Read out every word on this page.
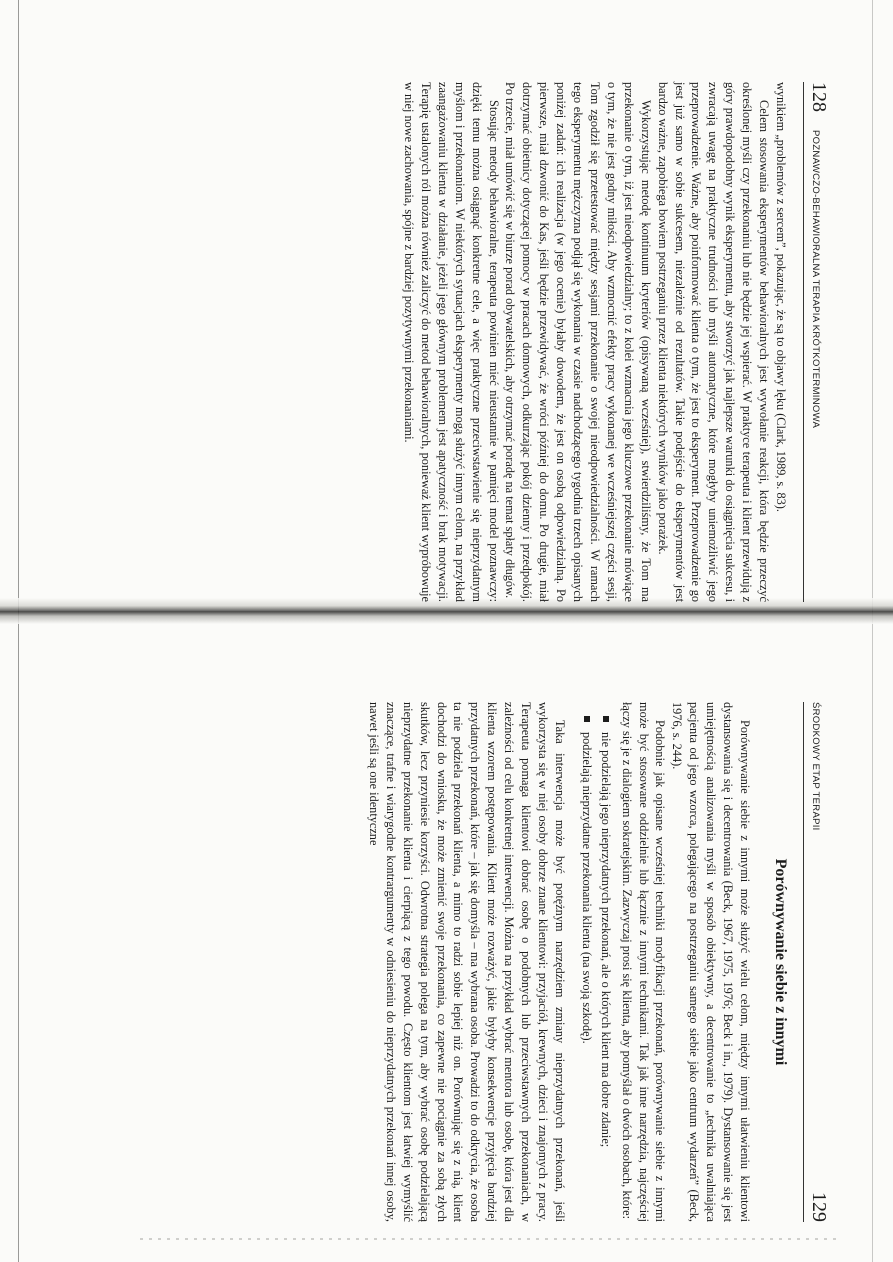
128
POZNAWCZO-BEHAWIORALNA TERAPIA KRÓTKOTERMINOWA

wynikiem „problemów z sercem”, pokazując, że są to objawy lęku (Clark, 1989, s. 83).

Celem stosowania eksperymentów behawioralnych jest wywołanie reakcji, która będzie przeczyć określonej myśli czy przekonaniu lub nie będzie jej wspierać. W praktyce terapeuta i klient przewidują z góry prawdopodobny wynik eksperymentu, aby stworzyć jak najlepsze warunki do osiągnięcia sukcesu, i zwracają uwagę na praktyczne trudności lub myśli automatyczne, które mogłyby uniemożliwić jego przeprowadzenie. Ważne, aby poinformować klienta o tym, że jest to eksperyment. Przeprowadzenie go jest już samo w sobie sukcesem, niezależnie od rezultatów. Takie podejście do eksperymentów jest bardzo ważne, zapobiega bowiem postrzeganiu przez klienta niektórych wyników jako porażek.

Wykorzystując metodę kontinuum kryteriów (opisywaną wcześniej), stwierdziliśmy, że Tom ma przekonanie o tym, iż jest nieodpowiedzialny; to z kolei wzmacnia jego kluczowe przekonanie mówiące o tym, że nie jest godny miłości. Aby wzmocnić efekty pracy wykonanej we wcześniejszej części sesji, Tom zgodził się przetestować między sesjami przekonanie o swojej nieodpowiedzialności. W ramach tego eksperymentu mężczyzna podjął się wykonania w czasie nadchodzącego tygodnia trzech opisanych poniżej zadań: ich realizacja (w jego ocenie) byłaby dowodem, że jest on osobą odpowiedzialną. Po pierwsze, miał dzwonić do Kas, jeśli będzie przewidywać, że wróci później do domu. Po drugie, miał dotrzymać obietnicy dotyczącej pomocy w pracach domowych, odkurzając pokój dzienny i przedpokój. Po trzecie, miał umówić się w biurze porad obywatelskich, aby otrzymać poradę na temat spłaty długów.

Stosując metody behawioralne, terapeuta powinien mieć nieustannie w pamięci model poznawczy: dzięki temu można osiągnąć konkretne cele, a więc praktyczne przeciwstawienie się nieprzydatnym myślom i przekonaniom. W niektórych sytuacjach eksperymenty mogą służyć innym celom, na przykład zaangażowaniu klienta w działanie, jeżeli jego głównym problemem jest apatyczność i brak motywacji. Terapię ustalonych ról można również zaliczyć do metod behawioralnych, ponieważ klient wypróbowuje w niej nowe zachowania, spójne z bardziej pozytywnymi przekonaniami.

ŚRODKOWY ETAP TERAPII
129
Porównywanie siebie z innymi

Porównywanie siebie z innymi może służyć wielu celom, między innymi ułatwieniu klientowi dystansowania się i decentrowania (Beck, 1967, 1975, 1976; Beck i in., 1979). Dystansowanie się jest umiejętnością analizowania myśli w sposób obiektywny, a decentrowanie to „technika uwalniająca pacjenta od jego wzorca, polegającego na postrzeganiu samego siebie jako centrum wydarzeń” (Beck, 1976, s. 244).

Podobnie jak opisane wcześniej techniki modyfikacji przekonań, porównywanie siebie z innymi może być stosowane oddzielnie lub łącznie z innymi technikami. Tak jak inne narzędzia, najczęściej łączy się je z dialogiem sokratejskim. Zazwyczaj prosi się klienta, aby pomyślał o dwóch osobach, które:

nie podzielają jego nieprzydatnych przekonań, ale o których klient ma dobre zdanie;
podzielają nieprzydatne przekonania klienta (na swoją szkodę).

Taka interwencja może być potężnym narzędziem zmiany nieprzydatnych przekonań, jeśli wykorzysta się w niej osoby dobrze znane klientowi: przyjaciół, krewnych, dzieci i znajomych z pracy. Terapeuta pomaga klientowi dobrać osobę o podobnych lub przeciwstawnych przekonaniach, w zależności od celu konkretnej interwencji. Można na przykład wybrać mentora lub osobę, która jest dla klienta wzorem postępowania. Klient może rozważyć, jakie byłyby konsekwencje przyjęcia bardziej przydatnych przekonań, które – jak się domyśla – ma wybrana osoba. Prowadzi to do odkrycia, że osoba ta nie podziela przekonań klienta, a mimo to radzi sobie lepiej niż on. Porównując się z nią, klient dochodzi do wniosku, że może zmienić swoje przekonania, co zapewne nie pociągnie za sobą złych skutków, lecz przyniesie korzyści. Odwrotna strategia polega na tym, aby wybrać osobę podzielającą nieprzydatne przekonanie klienta i cierpiącą z tego powodu. Często klientom jest łatwiej wymyślić znaczące, trafne i wiarygodne kontrargumenty w odniesieniu do nieprzydatnych przekonań innej osoby, nawet jeśli są one identyczne
